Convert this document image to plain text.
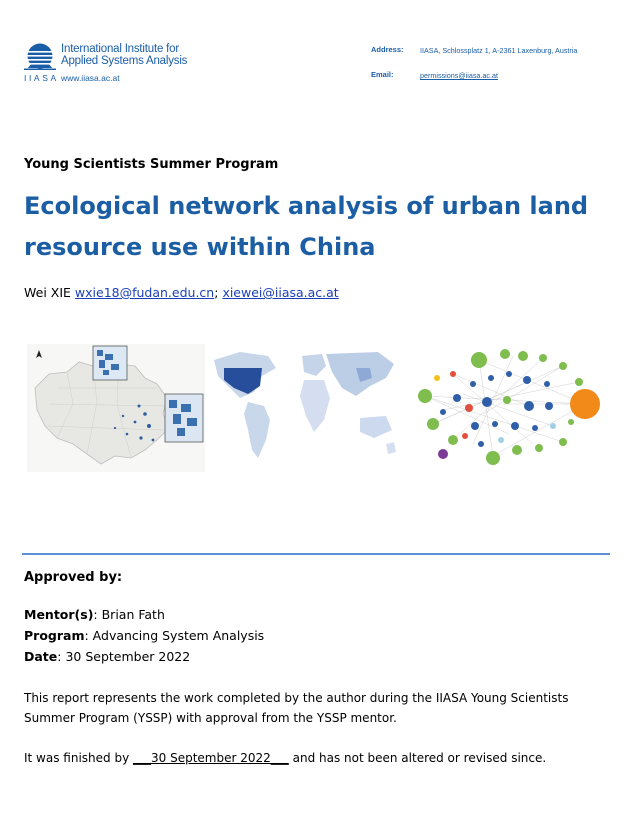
International Institute for
Applied Systems Analysis
IIASA www.iiasa.ac.at
Address: IIASA, Schlossplatz 1, A-2361 Laxenburg, Austria
Email:	permissions@iiasa.ac.at
Young Scientists Summer Program
Ecological network analysis of urban land resource use within China
Wei XIE wxie18@fudan.edu.cn; xiewei@iiasa.ac.at
Approved by:
Mentor(s): Brian Fath
Program: Advancing System Analysis
Date: 30 September 2022
This report represents the work completed by the author during the IIASA Young Scientists Summer Program (YSSP) with approval from the YSSP mentor.
It was finished by ___30 September 2022___ and has not been altered or revised since.
